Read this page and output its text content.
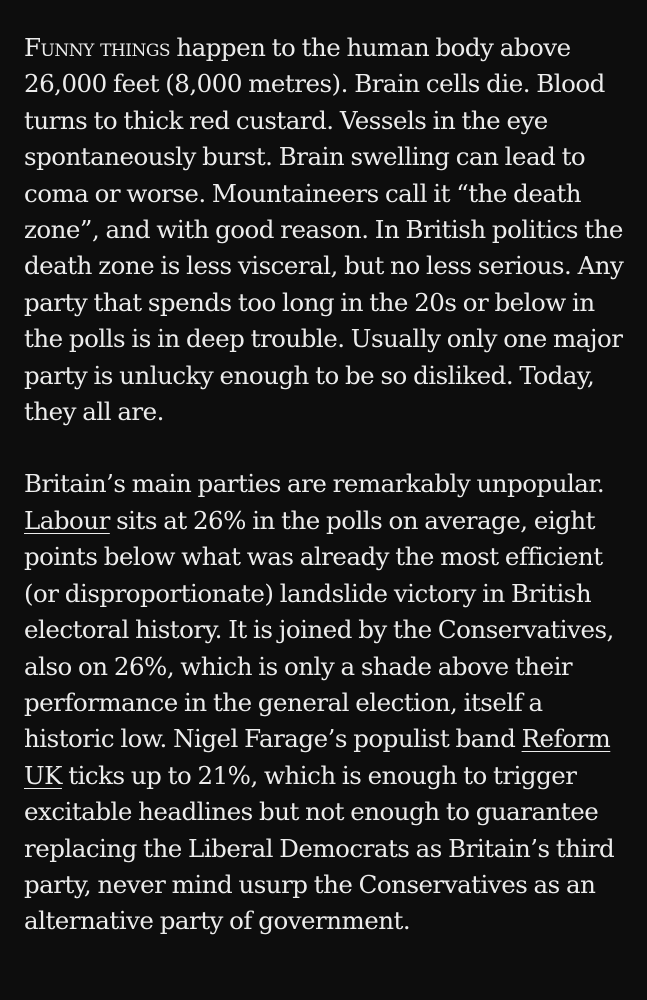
Funny things happen to the human body above 26,000 feet (8,000 metres). Brain cells die. Blood turns to thick red custard. Vessels in the eye spontaneously burst. Brain swelling can lead to coma or worse. Mountaineers call it “the death zone”, and with good reason. In British politics the death zone is less visceral, but no less serious. Any party that spends too long in the 20s or below in the polls is in deep trouble. Usually only one major party is unlucky enough to be so disliked. Today, they all are.

Britain’s main parties are remarkably unpopular. Labour sits at 26% in the polls on average, eight points below what was already the most efficient (or disproportionate) landslide victory in British electoral history. It is joined by the Conservatives, also on 26%, which is only a shade above their performance in the general election, itself a historic low. Nigel Farage’s populist band Reform UK ticks up to 21%, which is enough to trigger excitable headlines but not enough to guarantee replacing the Liberal Democrats as Britain’s third party, never mind usurp the Conservatives as an alternative party of government.
